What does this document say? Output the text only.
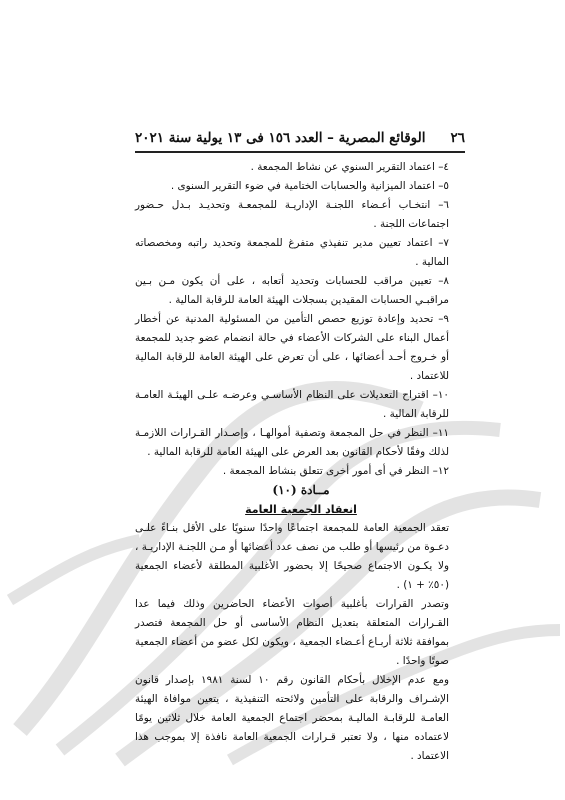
٢٦
الوقائع المصرية – العدد ١٥٦ فى ١٣ يولية سنة ٢٠٢١

٤– اعتماد التقرير السنوي عن نشاط المجمعة .

٥– اعتماد الميزانية والحسابات الختامية في ضوء التقرير السنوى .

٦– انتخـاب أعـضاء اللجنـة الإداريـة للمجمعـة وتحديـد بـدل حـضور اجتماعات اللجنة .

٧– اعتماد تعيين مدير تنفيذي متفرغ للمجمعة وتحديد راتبه ومخصصاته المالية .

٨– تعيين مراقب للحسابات وتحديد أتعابه ، على أن يكون مـن بـين مراقبـي الحسابات المقيدين بسجلات الهيئة العامة للرقابة المالية .

٩– تحديد وإعادة توزيع حصص التأمين من المسئولية المدنية عن أخطار أعمال البناء على الشركات الأعضاء في حالة انضمام عضو جديد للمجمعة أو خـروج أحـد أعضائها ، على أن تعرض على الهيئة العامة للرقابة المالية للاعتماد .

١٠– اقتراح التعديلات على النظام الأساسـي وعرضـه علـى الهيئـة العامـة للرقابة المالية .

١١– النظر في حل المجمعة وتصفية أموالهـا ، وإصـدار القـرارات اللازمـة لذلك وفقًا لأحكام القانون بعد العرض على الهيئة العامة للرقابة المالية .

١٢– النظر في أى أمور أخرى تتعلق بنشاط المجمعة .

مــادة (١٠)

انعقاد الجمعية العامة

تعقد الجمعية العامة للمجمعة اجتماعًا واحدًا سنويًا على الأقل بنـاءً علـى دعـوة من رئيسها أو طلب من نصف عدد أعضائها أو مـن اللجنـة الإداريـة ، ولا يكـون الاجتماع صحيحًا إلا بحضور الأغلبية المطلقة لأعضاء الجمعية (٥٠٪ + ١) .

وتصدر القرارات بأغلبية أصوات الأعضاء الحاضرين وذلك فيما عدا القـرارات المتعلقة بتعديل النظام الأساسى أو حل المجمعة فتصدر بموافقة ثلاثة أربـاع أعـضاء الجمعية ، ويكون لكل عضو من أعضاء الجمعية صوتًا واحدًا .

ومع عدم الإخلال بأحكام القانون رقم ١٠ لسنة ١٩٨١ بإصدار قانون الإشـراف والرقابة على التأمين ولائحته التنفيذية ، يتعين موافاة الهيئة العامـة للرقابـة الماليـة بمحضر اجتماع الجمعية العامة خلال ثلاثين يومًا لاعتماده منها ، ولا تعتبر قـرارات الجمعية العامة نافذة إلا بموجب هذا الاعتماد .
